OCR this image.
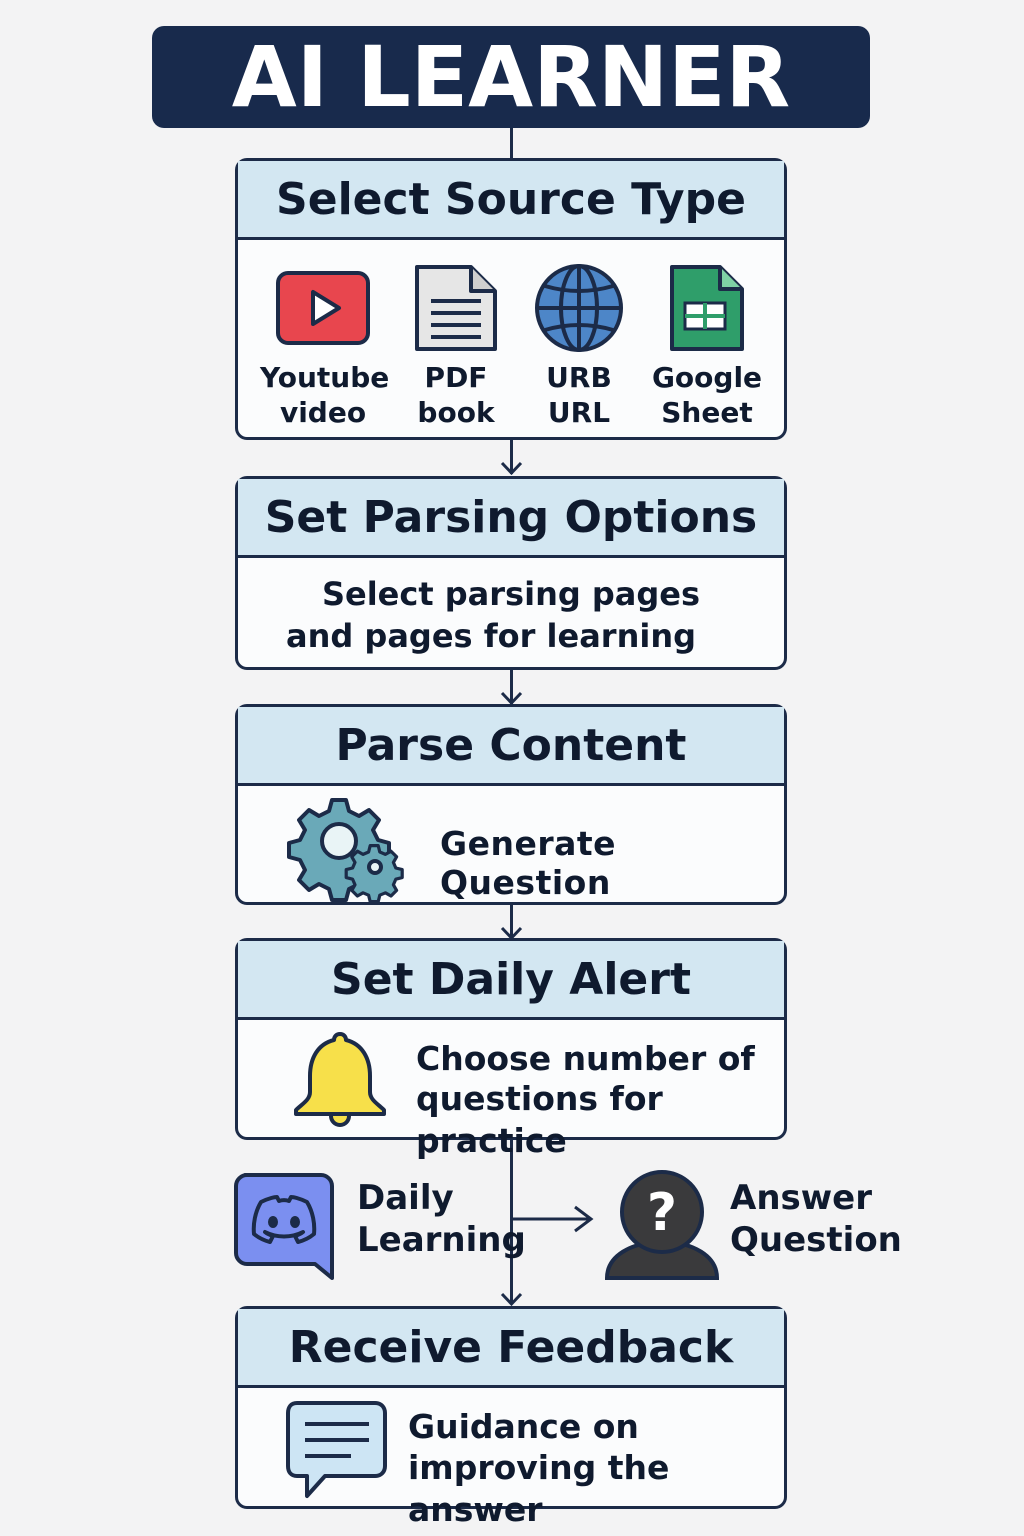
AI LEARNER
Select Source Type
Youtube
video
PDF
book
URB
URL
Google
Sheet
Set Parsing Options
Select parsing pages
and pages for learning
Parse Content
Generate Question
Set Daily Alert
Choose number of
questions for practice
Daily
Learning ? Answer
Question
Receive Feedback
Guidance on
improving the answer
